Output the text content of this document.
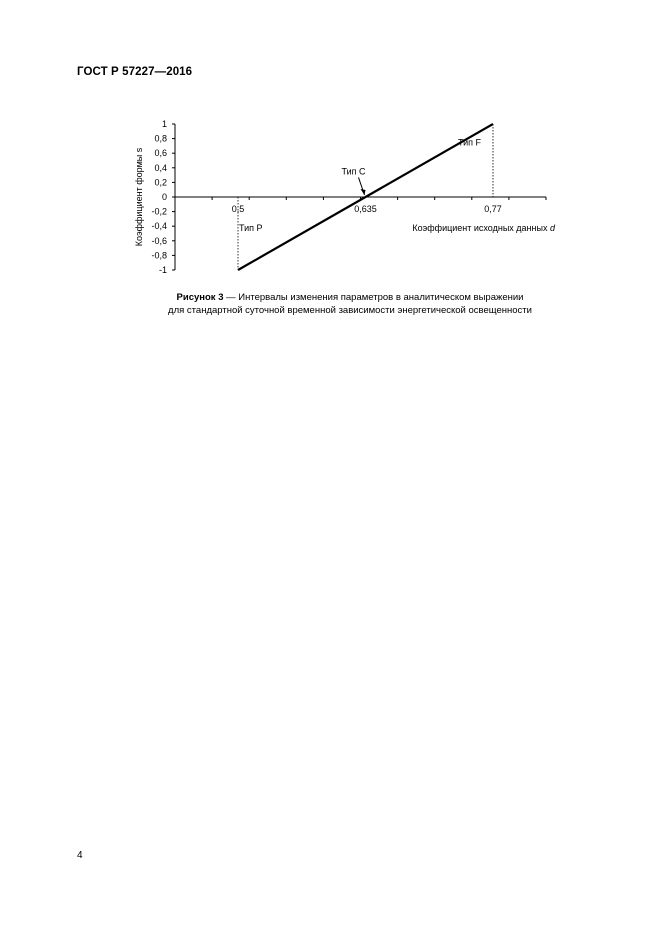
ГОСТ Р 57227—2016
1
0,8
0,6
0,4
0,2
0
-0,2
-0,4
-0,6
-0,8
-1
0,5	0,635	0,77
Тип P
Тип C
Тип F
Коэффициент исходных данных d
Коэффициент формы s
Рисунок 3 — Интервалы изменения параметров в аналитическом выражении
для стандартной суточной временной зависимости энергетической освещенности
4
